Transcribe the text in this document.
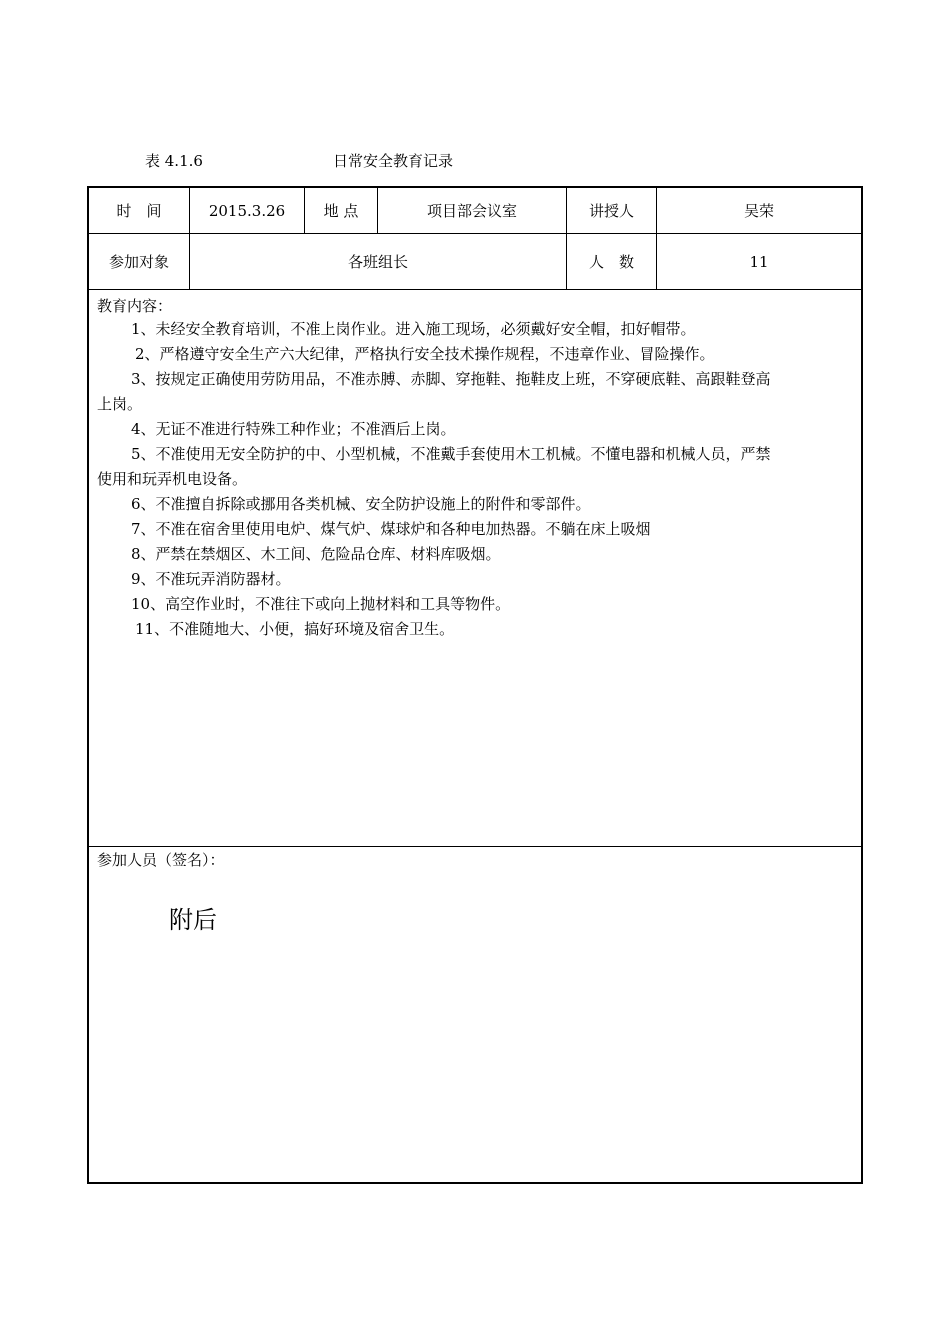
表 4.1.6	日常安全教育记录
时　间	2015.3.26	地 点	项目部会议室	讲授人	吴荣
参加对象	各班组长	人　数	11
教育内容：
1、未经安全教育培训，不准上岗作业。进入施工现场，必须戴好安全帽，扣好帽带。
2、严格遵守安全生产六大纪律，严格执行安全技术操作规程，不违章作业、冒险操作。
3、按规定正确使用劳防用品，不准赤膊、赤脚、穿拖鞋、拖鞋皮上班，不穿硬底鞋、高跟鞋登高
上岗。
4、无证不准进行特殊工种作业；不准酒后上岗。
5、不准使用无安全防护的中、小型机械，不准戴手套使用木工机械。不懂电器和机械人员，严禁
使用和玩弄机电设备。
6、不准擅自拆除或挪用各类机械、安全防护设施上的附件和零部件。
7、不准在宿舍里使用电炉、煤气炉、煤球炉和各种电加热器。不躺在床上吸烟
8、严禁在禁烟区、木工间、危险品仓库、材料库吸烟。
9、不准玩弄消防器材。
10、高空作业时，不准往下或向上抛材料和工具等物件。
11、不准随地大、小便，搞好环境及宿舍卫生。
参加人员（签名）：
附后
